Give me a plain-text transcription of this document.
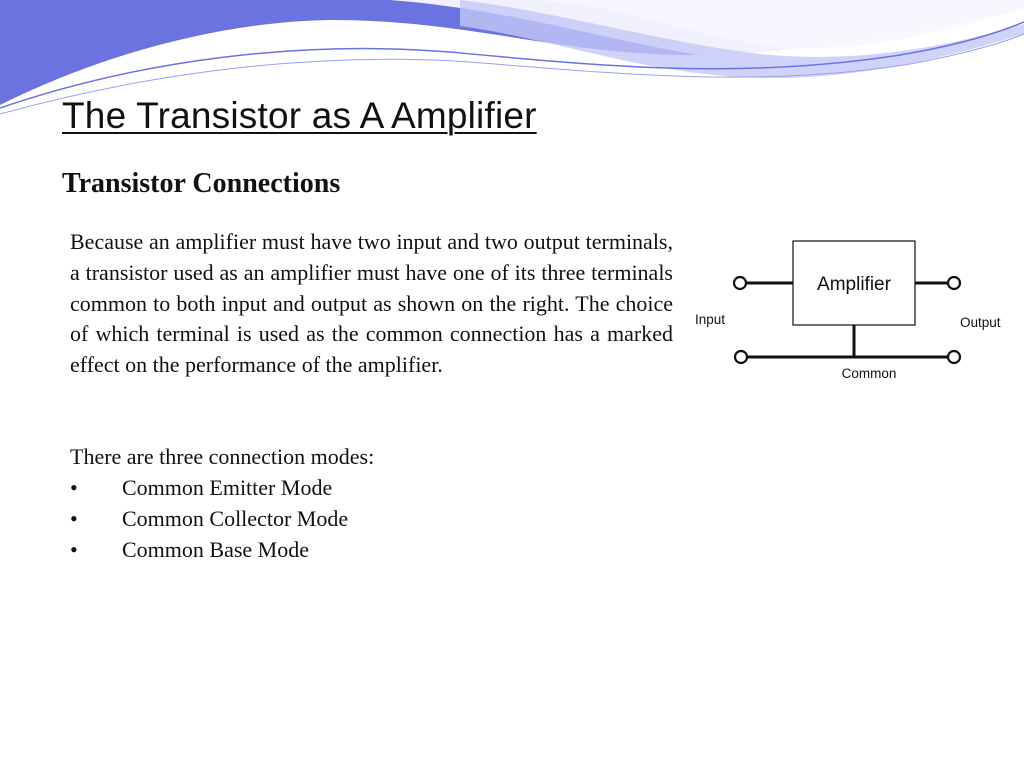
The Transistor as A Amplifier
Transistor Connections

Because an amplifier must have two input and two output terminals, a transistor used as an amplifier must have one of its three terminals common to both input and output as shown on the right. The choice of which terminal is used as the common connection has a marked effect on the performance of the amplifier.

There are three connection modes:

• Common Emitter Mode
• Common Collector Mode
• Common Base Mode
Amplifier
Input	Output
Common
